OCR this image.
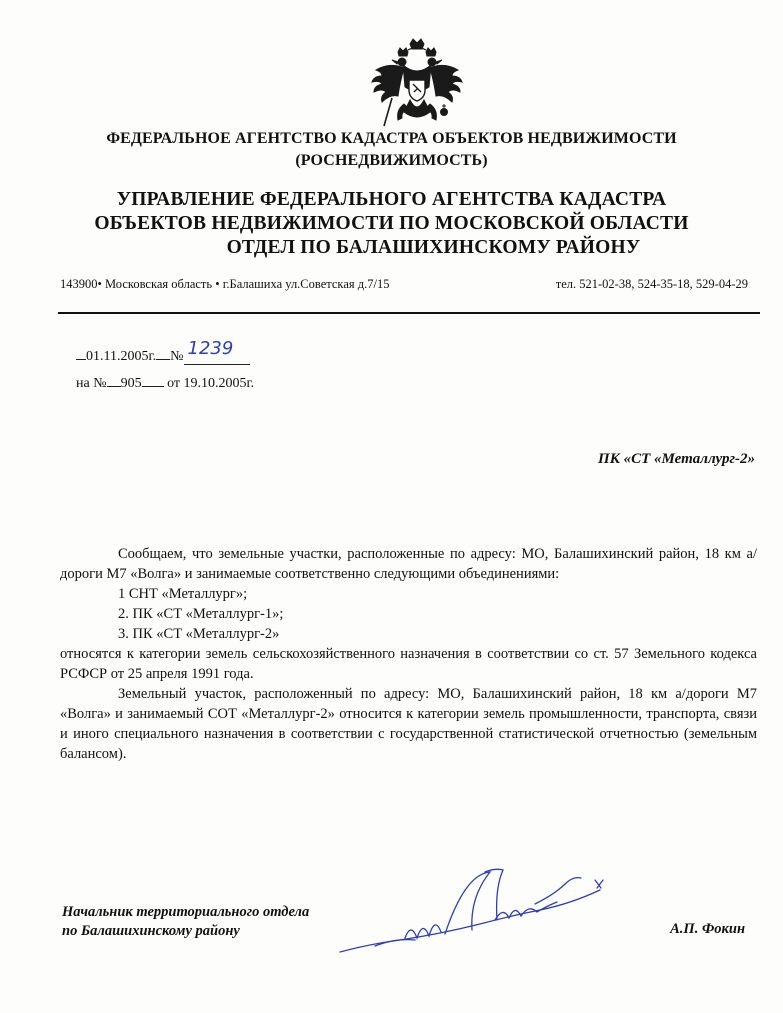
ФЕДЕРАЛЬНОЕ АГЕНТСТВО КАДАСТРА ОБЪЕКТОВ НЕДВИЖИМОСТИ
(РОСНЕДВИЖИМОСТЬ)
УПРАВЛЕНИЕ ФЕДЕРАЛЬНОГО АГЕНТСТВА КАДАСТРА
ОБЪЕКТОВ НЕДВИЖИМОСТИ ПО МОСКОВСКОЙ ОБЛАСТИ
ОТДЕЛ ПО БАЛАШИХИНСКОМУ РАЙОНУ
143900• Московская область • г.Балашиха ул.Советская д.7/15	тел. 521-02-38, 524-35-18, 529-04-29
01.11.2005г. № 1239
на № 905 от 19.10.2005г.
ПК «СТ «Металлург-2»

Сообщаем, что земельные участки, расположенные по адресу: МО, Балашихинский район, 18 км а/дороги М7 «Волга» и занимаемые соответственно следующими объединениями:

1 СНТ «Металлург»;

2. ПК «СТ «Металлург-1»;

3. ПК «СТ «Металлург-2»

относятся к категории земель сельскохозяйственного назначения в соответствии со ст. 57 Земельного кодекса РСФСР от 25 апреля 1991 года.

Земельный участок, расположенный по адресу: МО, Балашихинский район, 18 км а/дороги М7 «Волга» и занимаемый СОТ «Металлург-2» относится к категории земель промышленности, транспорта, связи и иного специального назначения в соответствии с государственной статистической отчетностью (земельным балансом).

Начальник территориального отдела
по Балашихинскому району	А.П. Фокин
